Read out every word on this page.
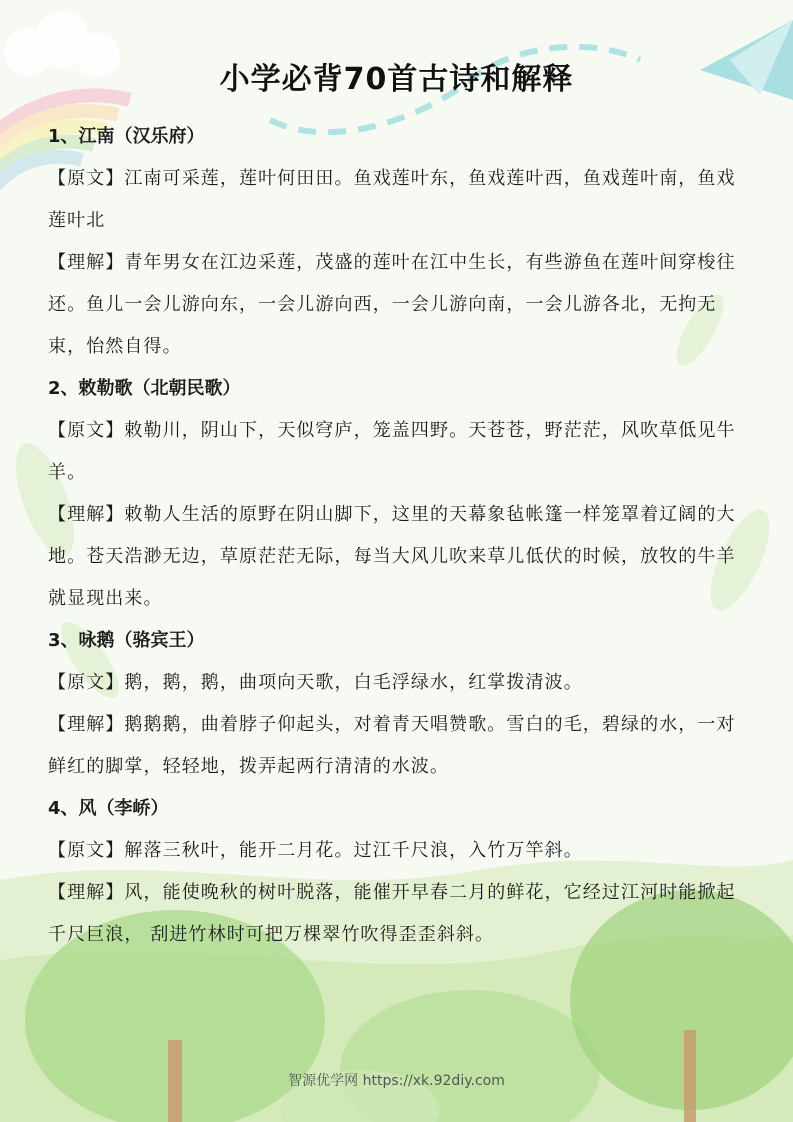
小学必背70首古诗和解释
1、江南（汉乐府）

【原文】江南可采莲，莲叶何田田。鱼戏莲叶东，鱼戏莲叶西，鱼戏莲叶南，鱼戏莲叶北

【理解】青年男女在江边采莲，茂盛的莲叶在江中生长，有些游鱼在莲叶间穿梭往还。鱼儿一会儿游向东，一会儿游向西，一会儿游向南，一会儿游各北，无拘无束，怡然自得。

2、敕勒歌（北朝民歌）

【原文】敕勒川，阴山下，天似穹庐，笼盖四野。天苍苍，野茫茫，风吹草低见牛羊。

【理解】敕勒人生活的原野在阴山脚下，这里的天幕象毡帐篷一样笼罩着辽阔的大地。苍天浩渺无边，草原茫茫无际，每当大风儿吹来草儿低伏的时候，放牧的牛羊就显现出来。

3、咏鹅（骆宾王）

【原文】鹅，鹅，鹅，曲项向天歌，白毛浮绿水，红掌拨清波。

【理解】鹅鹅鹅，曲着脖子仰起头，对着青天唱赞歌。雪白的毛，碧绿的水，一对鲜红的脚掌，轻轻地，拨弄起两行清清的水波。

4、风（李峤）

【原文】解落三秋叶，能开二月花。过江千尺浪，入竹万竿斜。

【理解】风，能使晚秋的树叶脱落，能催开早春二月的鲜花，它经过江河时能掀起千尺巨浪， 刮进竹林时可把万棵翠竹吹得歪歪斜斜。

智源优学网 https://xk.92diy.com
